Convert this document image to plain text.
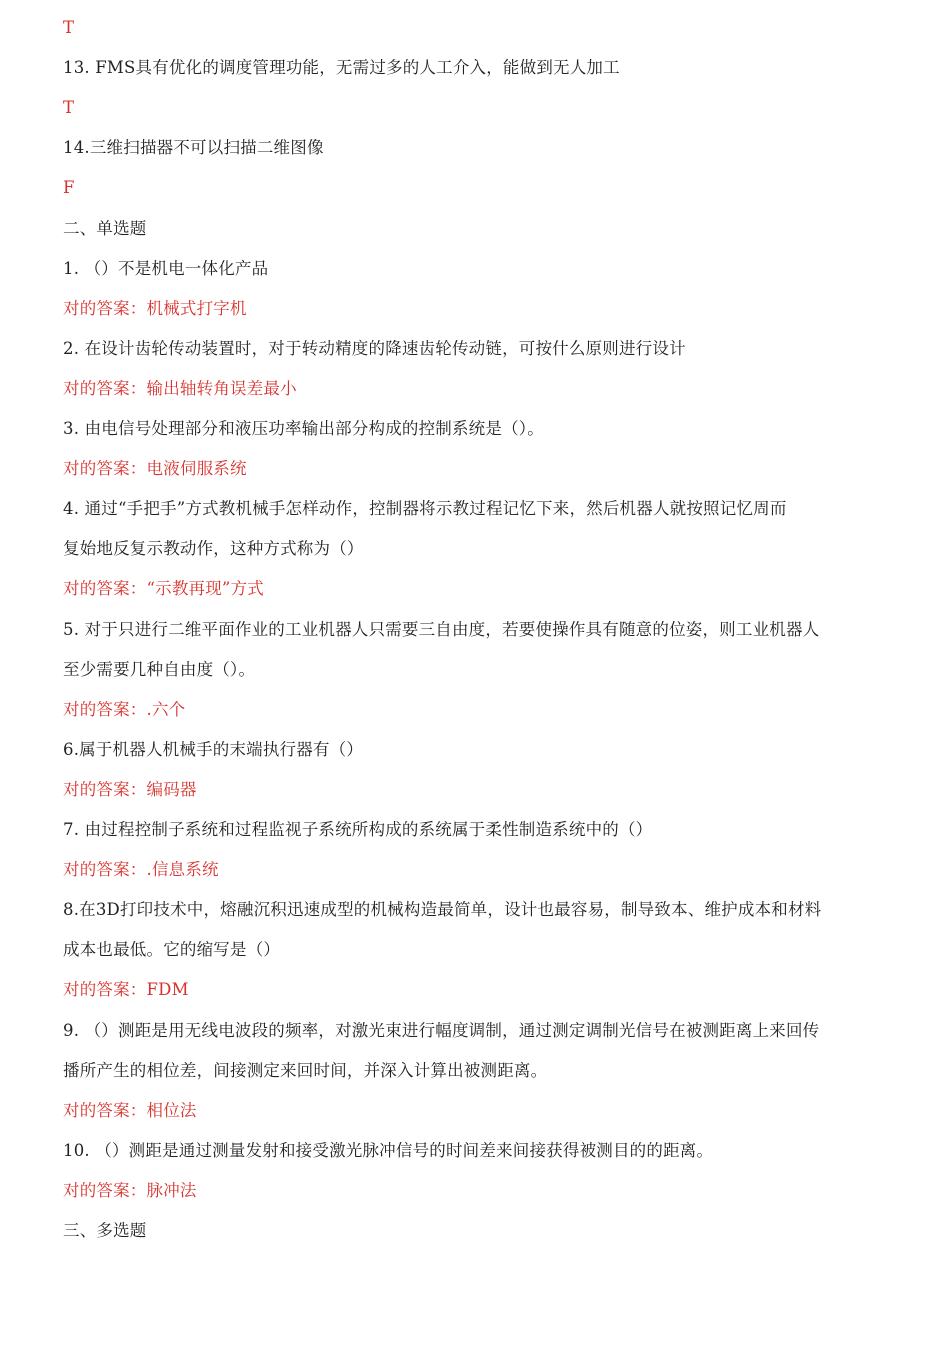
T
13. FMS具有优化的调度管理功能，无需过多的人工介入，能做到无人加工
T
14.三维扫描器不可以扫描二维图像
F
二、单选题
1. （）不是机电一体化产品
对的答案：机械式打字机
2. 在设计齿轮传动装置时，对于转动精度的降速齿轮传动链，可按什么原则进行设计
对的答案：输出轴转角误差最小
3. 由电信号处理部分和液压功率输出部分构成的控制系统是（）。
对的答案：电液伺服系统
4. 通过“手把手”方式教机械手怎样动作，控制器将示教过程记忆下来，然后机器人就按照记忆周而
复始地反复示教动作，这种方式称为（）
对的答案：“示教再现”方式
5. 对于只进行二维平面作业的工业机器人只需要三自由度，若要使操作具有随意的位姿，则工业机器人
至少需要几种自由度（）。
对的答案：.六个
6.属于机器人机械手的末端执行器有（）
对的答案：编码器
7. 由过程控制子系统和过程监视子系统所构成的系统属于柔性制造系统中的（）
对的答案：.信息系统
8.在3D打印技术中，熔融沉积迅速成型的机械构造最简单，设计也最容易，制导致本、维护成本和材料
成本也最低。它的缩写是（）
对的答案：FDM
9. （）测距是用无线电波段的频率，对激光束进行幅度调制，通过测定调制光信号在被测距离上来回传
播所产生的相位差，间接测定来回时间，并深入计算出被测距离。
对的答案：相位法
10. （）测距是通过测量发射和接受激光脉冲信号的时间差来间接获得被测目的的距离。
对的答案：脉冲法
三、多选题
